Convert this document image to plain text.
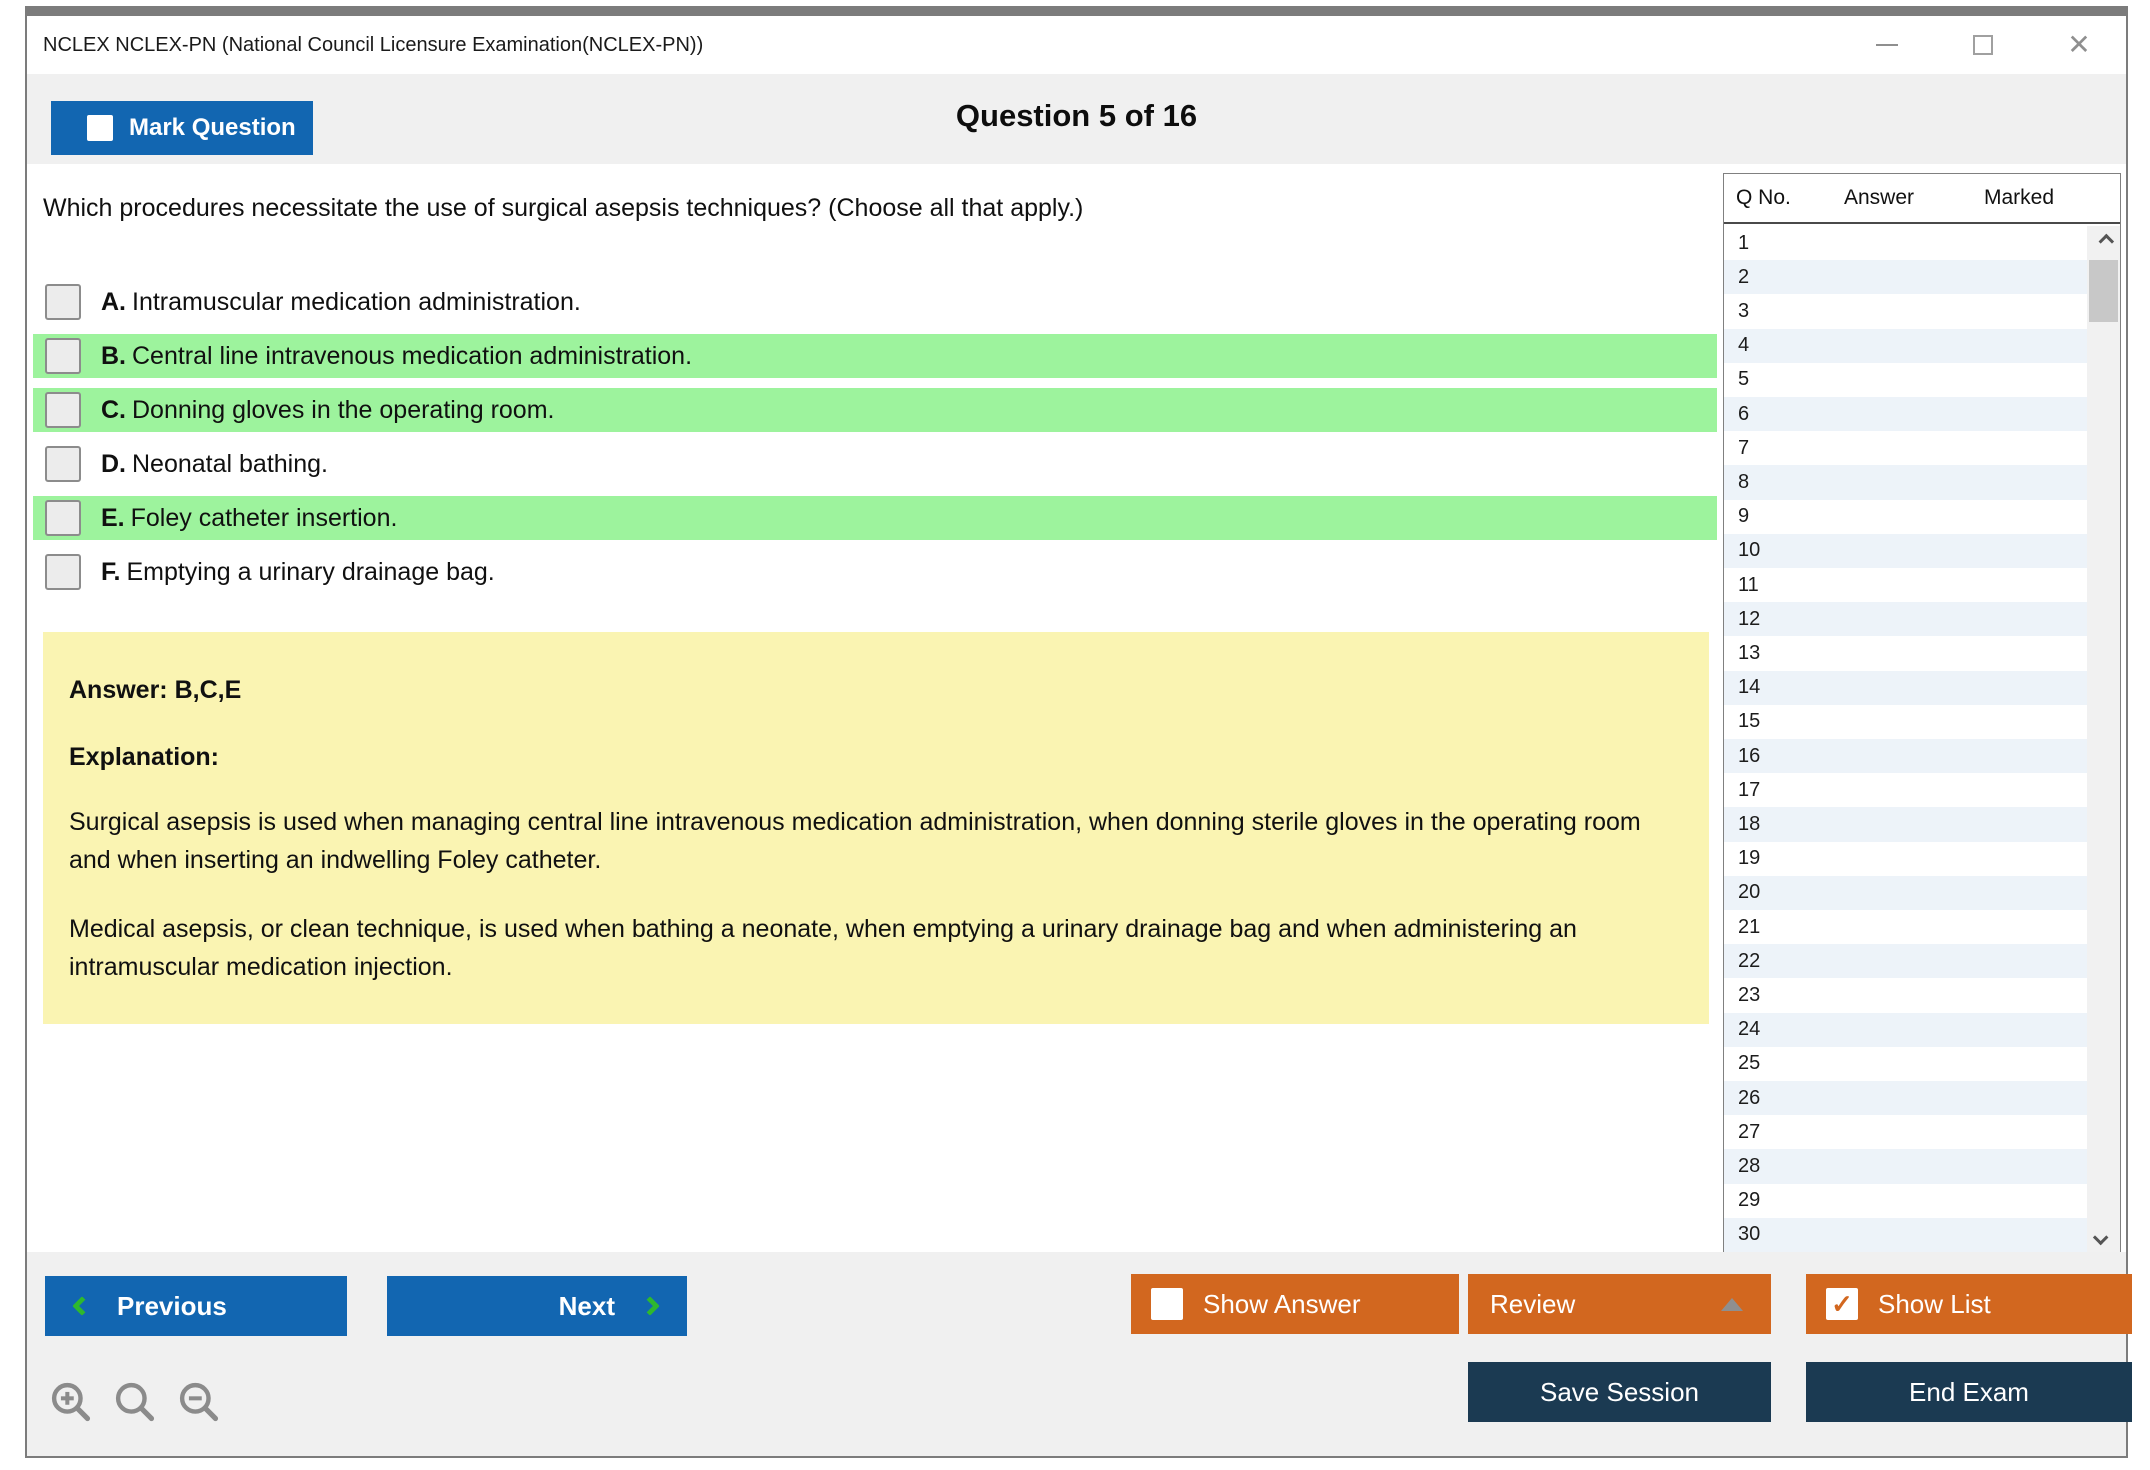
NCLEX NCLEX-PN (National Council Licensure Examination(NCLEX-PN))	✕
Mark Question	Question 5 of 16
Which procedures necessitate the use of surgical asepsis techniques? (Choose all that apply.)
A. Intramuscular medication administration.
B. Central line intravenous medication administration.
C. Donning gloves in the operating room.
D. Neonatal bathing.
E. Foley catheter insertion.
F. Emptying a urinary drainage bag.
Answer: B,C,E
Explanation:
Surgical asepsis is used when managing central line intravenous medication administration, when donning sterile gloves in the operating room and when inserting an indwelling Foley catheter.
Medical asepsis, or clean technique, is used when bathing a neonate, when emptying a urinary drainage bag and when administering an intramuscular medication injection.
Q No.	Answer	Marked
1
2
3
4
5
6
7
8
9
10
11
12
13
14
15
16
17
18
19
20
21
22
23
24
25
26
27
28
29
30
Previous	Next	Show Answer	Review	✓ Show List
Save Session	End Exam
